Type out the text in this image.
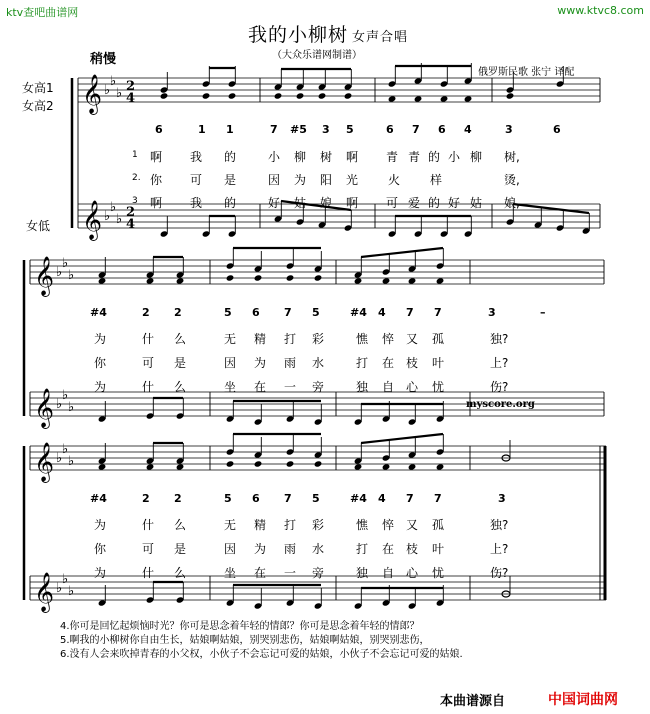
ktv查吧曲谱网	www.ktvc8.com
我的小柳树 女声合唱
（大众乐谱网制谱）
俄罗斯民歌 张宁 译配
稍慢
女高1
女高2
女低
𝄞
𝄞
♭
♭
♭
♭
♭
♭
2
4
2
4
𝄞
𝄞
♭
♭
♭
♭
♭
♭
𝄞
𝄞
♭
♭
♭
♭
♭
♭
6	1 1	7 #5 3 5	6 7 6 4	3	6
1 啊 我 的	小 柳 树 啊 青 青 的 小 柳 树,
2. 你 可 是	因 为 阳 光 火 样	烫,
3 啊 我 的	好 姑 娘 啊 可 爱 的 好 姑 娘,
#4	2 2	5 6 7 5	#4 4 7 7	3	–
为	什 么	无 精 打 彩	憔 悴 又 孤	独?
你	可 是	因 为 雨 水	打 在 枝 叶	上?
为	什 么	坐 在 一 旁	独 自 心 忧	伤?
myscore.org
#4	2 2	5 6 7 5	#4 4 7 7	3
为	什 么	无 精 打 彩	憔 悴 又 孤	独?
你	可 是	因 为 雨 水	打 在 枝 叶	上?
为	什 么	坐 在 一 旁	独 自 心 忧	伤?
4.你可是回忆起烦恼时光？你可是思念着年轻的情郎？你可是思念着年轻的情郎？
5.啊我的小柳树你自由生长，姑娘啊姑娘，别哭别悲伤，姑娘啊姑娘，别哭别悲伤，
6.没有人会来吹掉青春的小父权，小伙子不会忘记可爱的姑娘，小伙子不会忘记可爱的姑娘.
本曲谱源自	中国词曲网
